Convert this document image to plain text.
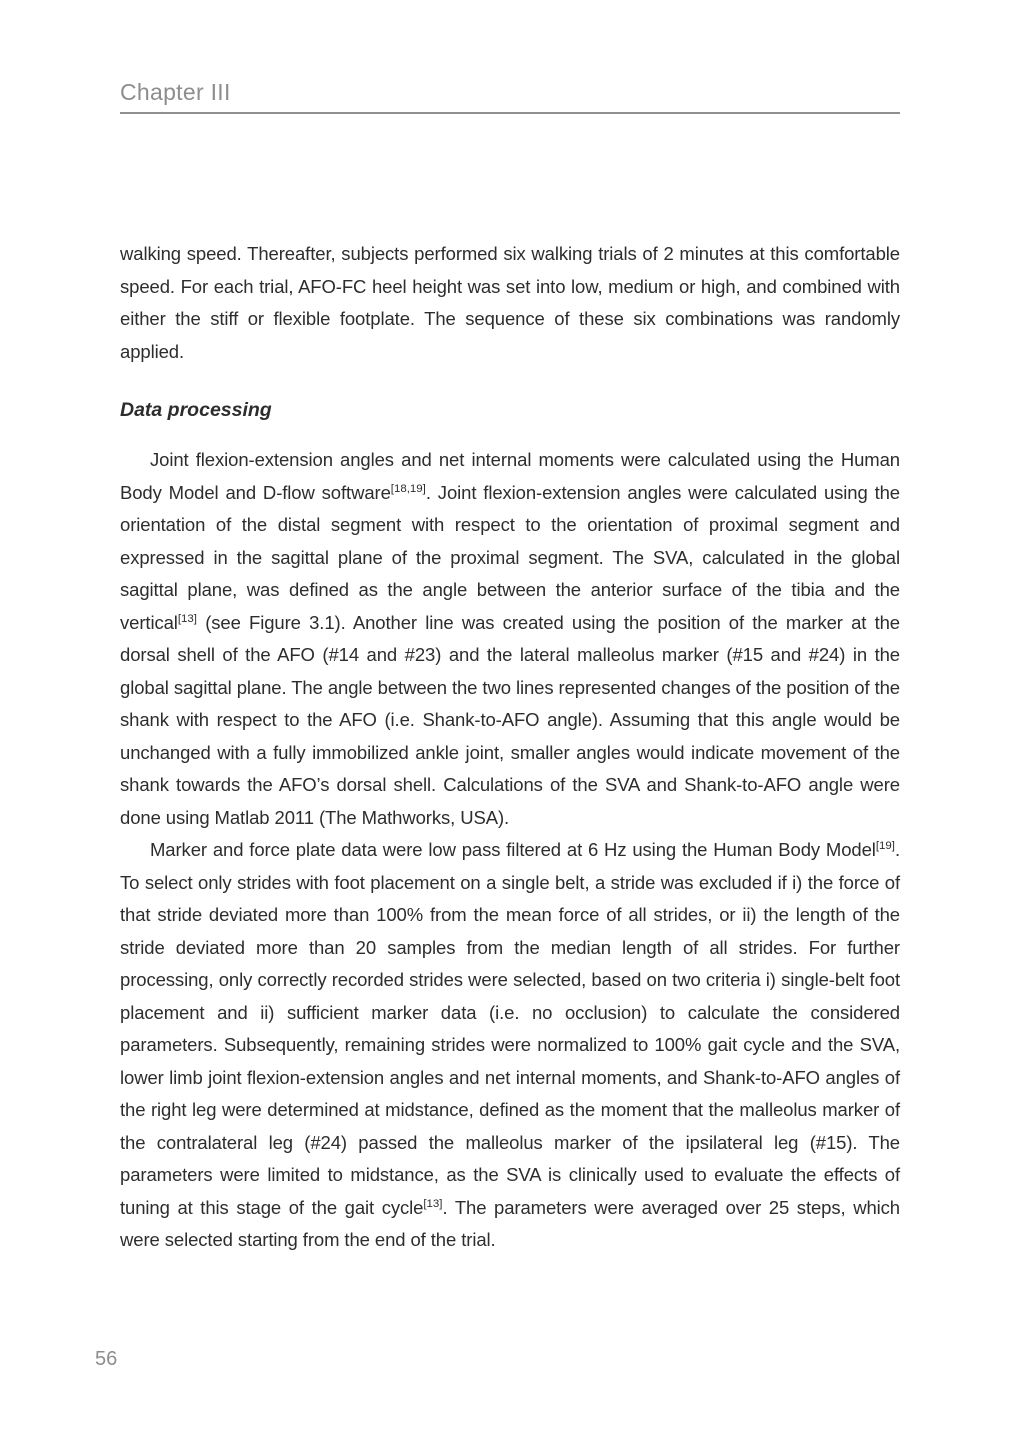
Chapter III

walking speed. Thereafter, subjects performed six walking trials of 2 minutes at this comfortable speed. For each trial, AFO-FC heel height was set into low, medium or high, and combined with either the stiff or flexible footplate. The sequence of these six combinations was randomly applied.

Data processing

Joint flexion-extension angles and net internal moments were calculated using the Human Body Model and D-flow software[18,19]. Joint flexion-extension angles were calculated using the orientation of the distal segment with respect to the orientation of proximal segment and expressed in the sagittal plane of the proximal segment. The SVA, calculated in the global sagittal plane, was defined as the angle between the anterior surface of the tibia and the vertical[13] (see Figure 3.1). Another line was created using the position of the marker at the dorsal shell of the AFO (#14 and #23) and the lateral malleolus marker (#15 and #24) in the global sagittal plane. The angle between the two lines represented changes of the position of the shank with respect to the AFO (i.e. Shank-to-AFO angle). Assuming that this angle would be unchanged with a fully immobilized ankle joint, smaller angles would indicate movement of the shank towards the AFO’s dorsal shell. Calculations of the SVA and Shank-to-AFO angle were done using Matlab 2011 (The Mathworks, USA).

Marker and force plate data were low pass filtered at 6 Hz using the Human Body Model[19]. To select only strides with foot placement on a single belt, a stride was excluded if i) the force of that stride deviated more than 100% from the mean force of all strides, or ii) the length of the stride deviated more than 20 samples from the median length of all strides. For further processing, only correctly recorded strides were selected, based on two criteria i) single-belt foot placement and ii) sufficient marker data (i.e. no occlusion) to calculate the considered parameters. Subsequently, remaining strides were normalized to 100% gait cycle and the SVA, lower limb joint flexion-extension angles and net internal moments, and Shank-to-AFO angles of the right leg were determined at midstance, defined as the moment that the malleolus marker of the contralateral leg (#24) passed the malleolus marker of the ipsilateral leg (#15). The parameters were limited to midstance, as the SVA is clinically used to evaluate the effects of tuning at this stage of the gait cycle[13]. The parameters were averaged over 25 steps, which were selected starting from the end of the trial.

56
